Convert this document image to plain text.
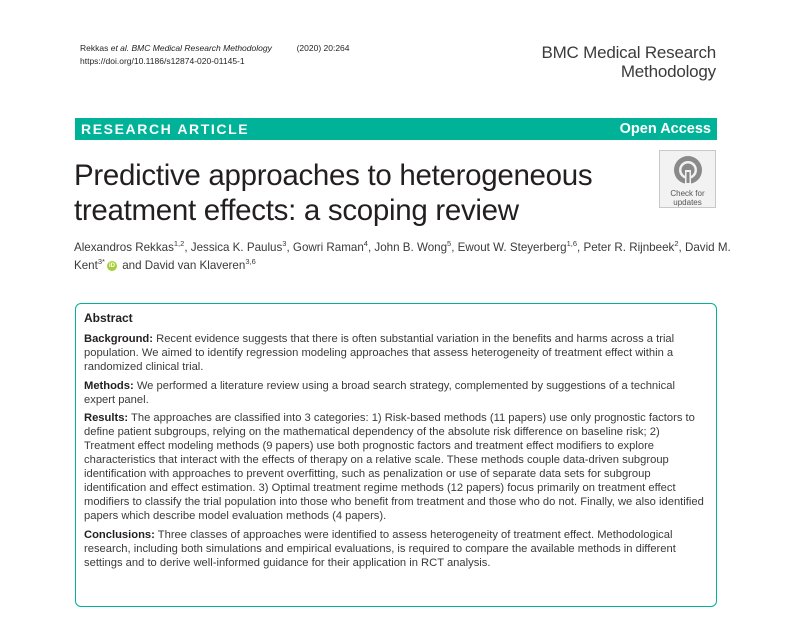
Rekkas et al. BMC Medical Research Methodology	(2020) 20:264
https://doi.org/10.1186/s12874-020-01145-1	BMC Medical Research
Methodology
RESEARCH ARTICLE	Open Access
Predictive approaches to heterogeneous treatment effects: a scoping review
Check for
updates
Alexandros Rekkas$^{1,2}$, Jessica K. Paulus$^3$, Gowri Raman$^4$, John B. Wong$^5$, Ewout W. Steyerberg$^{1,6}$, Peter R. Rijnbeek$^2$, David M. Kent$^{3*}$ iD and David van Klaveren$^{3,6}$
Abstract

Background: Recent evidence suggests that there is often substantial variation in the benefits and harms across a trial population. We aimed to identify regression modeling approaches that assess heterogeneity of treatment effect within a randomized clinical trial.

Methods: We performed a literature review using a broad search strategy, complemented by suggestions of a technical expert panel.

Results: The approaches are classified into 3 categories: 1) Risk-based methods (11 papers) use only prognostic factors to define patient subgroups, relying on the mathematical dependency of the absolute risk difference on baseline risk; 2) Treatment effect modeling methods (9 papers) use both prognostic factors and treatment effect modifiers to explore characteristics that interact with the effects of therapy on a relative scale. These methods couple data-driven subgroup identification with approaches to prevent overfitting, such as penalization or use of separate data sets for subgroup identification and effect estimation. 3) Optimal treatment regime methods (12 papers) focus primarily on treatment effect modifiers to classify the trial population into those who benefit from treatment and those who do not. Finally, we also identified papers which describe model evaluation methods (4 papers).

Conclusions: Three classes of approaches were identified to assess heterogeneity of treatment effect. Methodological research, including both simulations and empirical evaluations, is required to compare the available methods in different settings and to derive well-informed guidance for their application in RCT analysis.
